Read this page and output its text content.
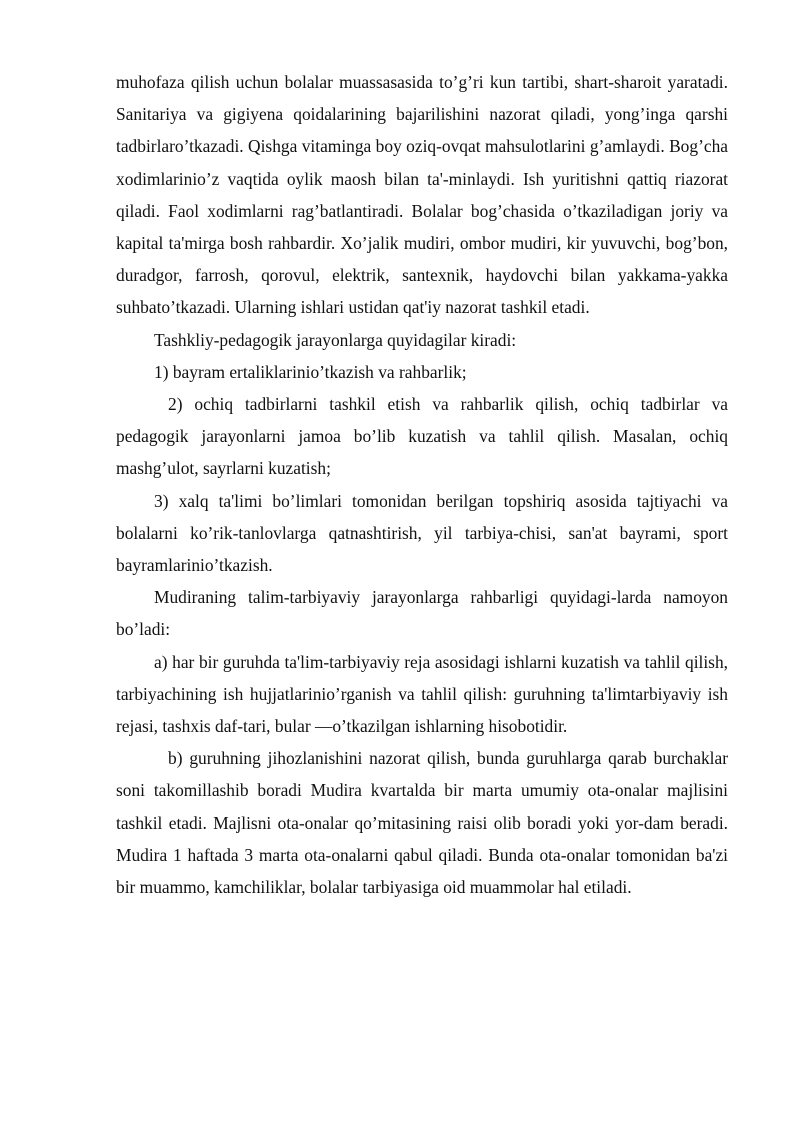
muhofaza qilish uchun bolalar muassasasida to’g’ri kun tartibi, shart-sharoit yaratadi. Sanitariya va gigiyena qoidalarining bajarilishini nazorat qiladi, yong’inga qarshi tadbirlaro’tkazadi. Qishga vitaminga boy oziq-ovqat mahsulotlarini g’amlaydi. Bog’cha xodimlarinio’z vaqtida oylik maosh bilan ta'-minlaydi. Ish yuritishni qattiq riazorat qiladi. Faol xodimlarni rag’batlantiradi. Bolalar bog’chasida o’tkaziladigan joriy va kapital ta'mirga bosh rahbardir. Xo’jalik mudiri, ombor mudiri, kir yuvuvchi, bog’bon, duradgor, farrosh, qorovul, elektrik, santexnik, haydovchi bilan yakkama-yakka suhbato’tkazadi. Ularning ishlari ustidan qat'iy nazorat tashkil etadi.

Tashkliy-pedagogik jarayonlarga quyidagilar kiradi:

1) bayram ertaliklarinio’tkazish va rahbarlik;

2) ochiq tadbirlarni tashkil etish va rahbarlik qilish, ochiq tadbirlar va pedagogik jarayonlarni jamoa bo’lib kuzatish va tahlil qilish. Masalan, ochiq mashg’ulot, sayrlarni kuzatish;

3) xalq ta'limi bo’limlari tomonidan berilgan topshiriq asosida tajtiyachi va bolalarni ko’rik-tanlovlarga qatnashtirish, yil tarbiya-chisi, san'at bayrami, sport bayramlarinio’tkazish.

Mudiraning talim-tarbiyaviy jarayonlarga rahbarligi quyidagi-larda namoyon bo’ladi:

a) har bir guruhda ta'lim-tarbiyaviy reja asosidagi ishlarni kuzatish va tahlil qilish, tarbiyachining ish hujjatlarinio’rganish va tahlil qilish: guruhning ta'limtarbiyaviy ish rejasi, tashxis daf-tari, bular —o’tkazilgan ishlarning hisobotidir.

b) guruhning jihozlanishini nazorat qilish, bunda guruhlarga qarab burchaklar soni takomillashib boradi Mudira kvartalda bir marta umumiy ota-onalar majlisini tashkil etadi. Majlisni ota-onalar qo’mitasining raisi olib boradi yoki yor-dam beradi. Mudira 1 haftada 3 marta ota-onalarni qabul qiladi. Bunda ota-onalar tomonidan ba'zi bir muammo, kamchiliklar, bolalar tarbiyasiga oid muammolar hal etiladi.
